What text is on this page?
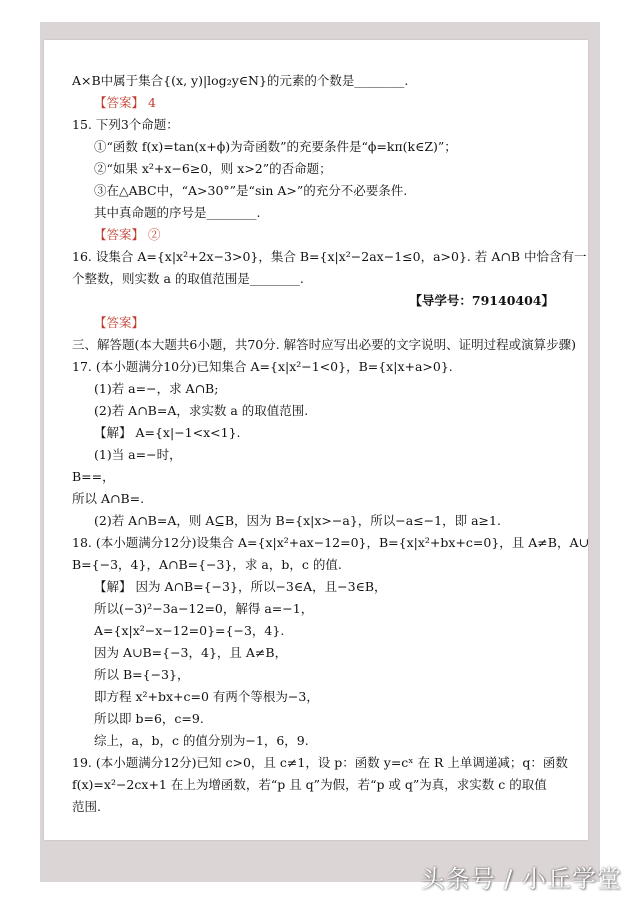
A×B中属于集合{(x, y)|log₂y∈N}的元素的个数是________.
【答案】 4
15. 下列3个命题：
①“函数 f(x)=tan(x+ϕ)为奇函数”的充要条件是“ϕ=kπ(k∈Z)”；
②“如果 x²+x−6≥0，则 x>2”的否命题；
③在△ABC中，“A>30°”是“sin A>”的充分不必要条件.
其中真命题的序号是________.
【答案】 ②
16. 设集合 A={x|x²+2x−3>0}，集合 B={x|x²−2ax−1≤0，a>0}. 若 A∩B 中恰含有一
个整数，则实数 a 的取值范围是________.
【导学号：79140404】
【答案】
三、解答题(本大题共6小题，共70分. 解答时应写出必要的文字说明、证明过程或演算步骤)
17. (本小题满分10分)已知集合 A={x|x²−1<0}，B={x|x+a>0}.
(1)若 a=−，求 A∩B;
(2)若 A∩B=A，求实数 a 的取值范围.
【解】 A={x|−1<x<1}.
(1)当 a=−时，
B==，
所以 A∩B=.
(2)若 A∩B=A，则 A⊆B，因为 B={x|x>−a}，所以−a≤−1，即 a≥1.
18. (本小题满分12分)设集合 A={x|x²+ax−12=0}，B={x|x²+bx+c=0}，且 A≠B，A∪
B={−3，4}，A∩B={−3}，求 a，b，c 的值.
【解】 因为 A∩B={−3}，所以−3∈A，且−3∈B，
所以(−3)²−3a−12=0，解得 a=−1，
A={x|x²−x−12=0}={−3，4}.
因为 A∪B={−3，4}，且 A≠B，
所以 B={−3}，
即方程 x²+bx+c=0 有两个等根为−3，
所以即 b=6，c=9.
综上，a，b，c 的值分别为−1，6，9.
19. (本小题满分12分)已知 c>0，且 c≠1，设 p：函数 y=cˣ 在 R 上单调递减；q：函数
f(x)=x²−2cx+1 在上为增函数，若“p 且 q”为假，若“p 或 q”为真，求实数 c 的取值
范围.
头条号 / 小丘学堂
